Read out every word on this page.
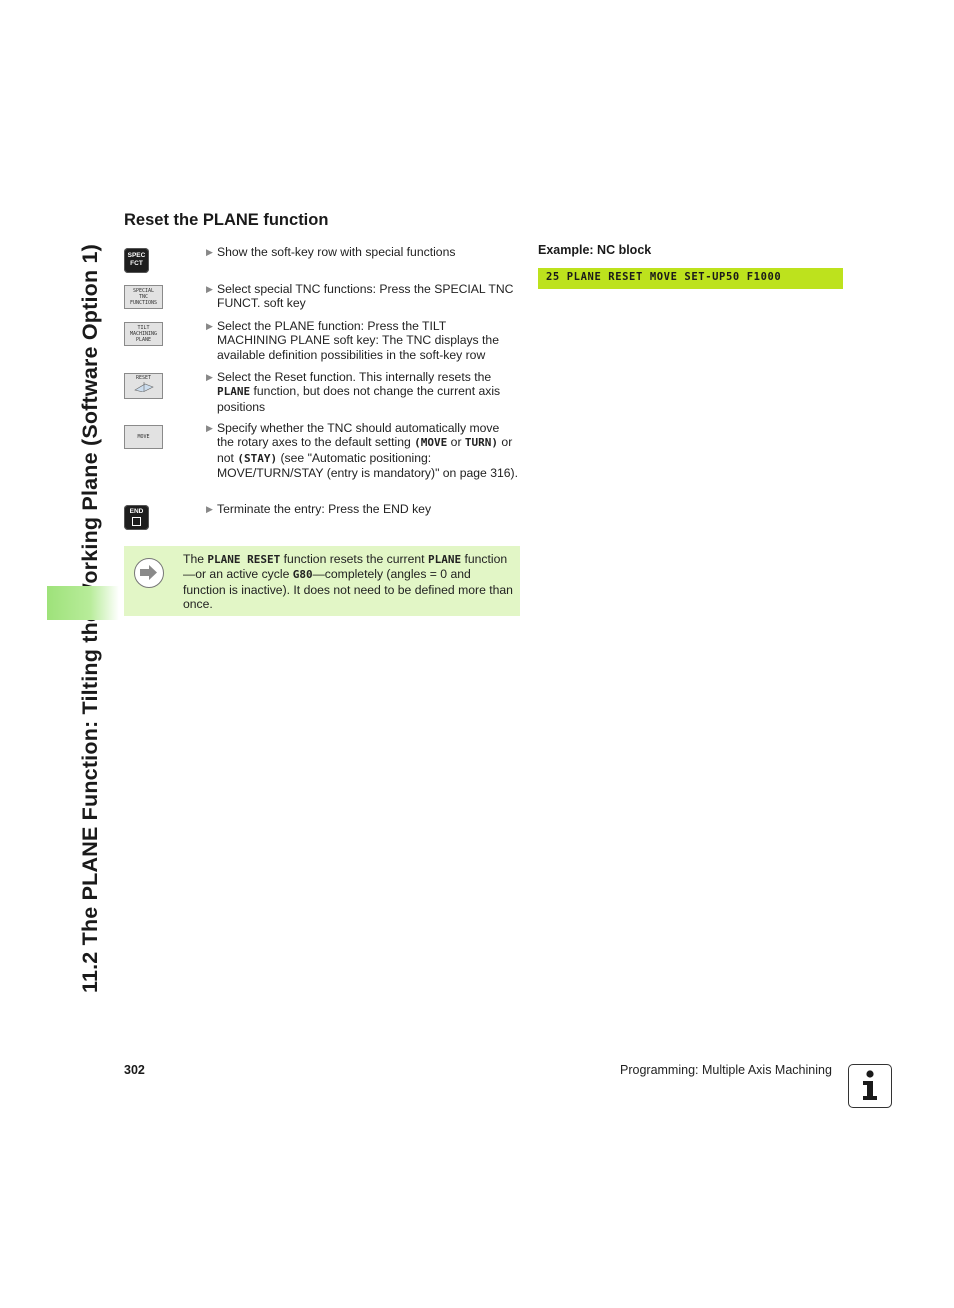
Reset the PLANE function
SPEC
FCT
▶ Show the soft-key row with special functions
SPECIAL
TNC
FUNCTIONS
▶ Select special TNC functions: Press the SPECIAL TNC FUNCT. soft key
TILT
MACHINING
PLANE
▶ Select the PLANE function: Press the TILT MACHINING PLANE soft key: The TNC displays the available definition possibilities in the soft-key row
RESET	▶ Select the Reset function. This internally resets the PLANE function, but does not change the current axis positions
MOVE
▶ Specify whether the TNC should automatically move the rotary axes to the default setting (MOVE or TURN) or not (STAY) (see "Automatic positioning: MOVE/TURN/STAY (entry is mandatory)" on page 316).
END	▶ Terminate the entry: Press the END key
The PLANE RESET function resets the current PLANE function—or an active cycle G80—completely (angles = 0 and function is inactive). It does not need to be defined more than once.
Example: NC block
25 PLANE RESET MOVE SET-UP50 F1000
302	Programming: Multiple Axis Machining
